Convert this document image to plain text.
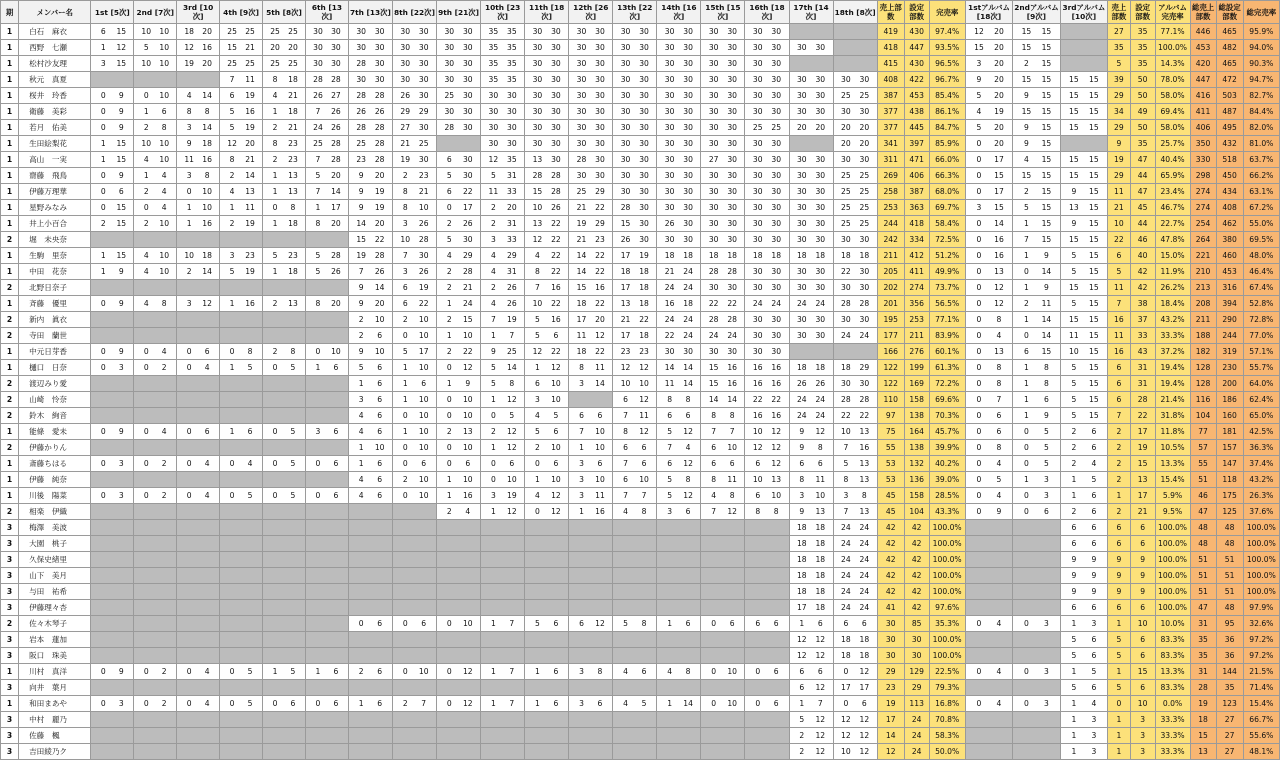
期	メンバー名	1st [5次]	2nd [7次]	3rd [10次]	4th [9次]	5th [8次]	6th [13次]	7th [13次]	8th [22次]	9th [21次]	10th [23次]	11th [18次]	12th [26次]	13th [22次]	14th [16次]	15th [15次]	16th [18次]	17th [14次]	18th [8次]	売上部数	設定部数	完売率	1stアルバム [18次]	2ndアルバム [9次]	3rdアルバム [10次]	売上部数	設定部数	アルバム完売率	総売上部数	総設定部数	総完売率
1	白石　麻衣	6 15	10 10	18 20	25 25	25 25	30 30	30 30	30 30	30 30	35 35	30 30	30 30	30 30	30 30	30 30	30 30			419	430	97.4%	12 20	15 15		27	35	77.1%	446	465	95.9%
1	西野　七瀬	1 12	5 10	12 16	15 21	20 20	30 30	30 30	30 30	30 30	35 35	30 30	30 30	30 30	30 30	30 30	30 30	30 30		418	447	93.5%	15 20	15 15		35	35	100.0%	453	482	94.0%
1	松村沙友理	3 15	10 10	19 20	25 25	25 25	30 30	28 30	30 30	30 30	35 35	30 30	30 30	30 30	30 30	30 30	30 30			415	430	96.5%	3 20	2 15		5	35	14.3%	420	465	90.3%
1	秋元　真夏				7 11	8 18	28 28	30 30	30 30	30 30	35 35	30 30	30 30	30 30	30 30	30 30	30 30	30 30	30 30	408	422	96.7%	9 20	15 15	15 15	39	50	78.0%	447	472	94.7%
1	桜井　玲香	0 9	0 10	4 14	6 19	4 21	26 27	28 28	26 30	25 30	30 30	30 30	30 30	30 30	30 30	30 30	30 30	30 30	25 25	387	453	85.4%	5 20	9 15	15 15	29	50	58.0%	416	503	82.7%
1	衛藤　美彩	0 9	1 6	8 8	5 16	1 18	7 26	26 26	29 29	30 30	30 30	30 30	30 30	30 30	30 30	30 30	30 30	30 30	30 30	377	438	86.1%	4 19	15 15	15 15	34	49	69.4%	411	487	84.4%
1	若月　佑美	0 9	2 8	3 14	5 19	2 21	24 26	28 28	27 30	28 30	30 30	30 30	30 30	30 30	30 30	30 30	25 25	20 20	20 20	377	445	84.7%	5 20	9 15	15 15	29	50	58.0%	406	495	82.0%
1	生田絵梨花	1 15	10 10	9 18	12 20	8 23	25 28	25 28	21 25		30 30	30 30	30 30	30 30	30 30	30 30	30 30		20 20	341	397	85.9%	0 20	9 15		9	35	25.7%	350	432	81.0%
1	高山　一実	1 15	4 10	11 16	8 21	2 23	7 28	23 28	19 30	6 30	12 35	13 30	28 30	30 30	30 30	27 30	30 30	30 30	30 30	311	471	66.0%	0 17	4 15	15 15	19	47	40.4%	330	518	63.7%
1	齋藤　飛鳥	0 9	1 4	3 8	2 14	1 13	5 20	9 20	2 23	5 30	5 31	28 28	30 30	30 30	30 30	30 30	30 30	30 30	25 25	269	406	66.3%	0 15	15 15	15 15	29	44	65.9%	298	450	66.2%
1	伊藤万理華	0 6	2 4	0 10	4 13	1 13	7 14	9 19	8 21	6 22	11 33	15 28	25 29	30 30	30 30	30 30	30 30	30 30	25 25	258	387	68.0%	0 17	2 15	9 15	11	47	23.4%	274	434	63.1%
1	星野みなみ	0 15	0 4	1 10	1 11	0 8	1 17	9 19	8 10	0 17	2 20	10 26	21 22	28 30	30 30	30 30	30 30	30 30	25 25	253	363	69.7%	3 15	5 15	13 15	21	45	46.7%	274	408	67.2%
1	井上小百合	2 15	2 10	1 16	2 19	1 18	8 20	14 20	3 26	2 26	2 31	13 22	19 29	15 30	26 30	30 30	30 30	30 30	25 25	244	418	58.4%	0 14	1 15	9 15	10	44	22.7%	254	462	55.0%
2	堀　未央奈							15 22	10 28	5 30	3 33	12 22	21 23	26 30	30 30	30 30	30 30	30 30	30 30	242	334	72.5%	0 16	7 15	15 15	22	46	47.8%	264	380	69.5%
1	生駒　里奈	1 15	4 10	10 18	3 23	5 23	5 28	19 28	7 30	4 29	4 29	4 22	14 22	17 19	18 18	18 18	18 18	18 18	18 18	211	412	51.2%	0 16	1 9	5 15	6	40	15.0%	221	460	48.0%
1	中田　花奈	1 9	4 10	2 14	5 19	1 18	5 26	7 26	3 26	2 28	4 31	8 22	14 22	18 18	21 24	28 28	30 30	30 30	22 30	205	411	49.9%	0 13	0 14	5 15	5	42	11.9%	210	453	46.4%
2	北野日奈子							9 14	6 19	2 21	2 26	7 16	15 16	17 18	24 24	30 30	30 30	30 30	30 30	202	274	73.7%	0 12	1 9	15 15	11	42	26.2%	213	316	67.4%
1	斉藤　優里	0 9	4 8	3 12	1 16	2 13	8 20	9 20	6 22	1 24	4 26	10 22	18 22	13 18	16 18	22 22	24 24	24 24	28 28	201	356	56.5%	0 12	2 11	5 15	7	38	18.4%	208	394	52.8%
2	新内　眞衣							2 10	2 10	2 15	7 19	5 16	17 20	21 22	24 24	28 28	30 30	30 30	30 30	195	253	77.1%	0 8	1 14	15 15	16	37	43.2%	211	290	72.8%
2	寺田　蘭世							2 6	0 10	1 10	1 7	5 6	11 12	17 18	22 24	24 24	30 30	30 30	24 24	177	211	83.9%	0 4	0 14	11 15	11	33	33.3%	188	244	77.0%
1	中元日芽香	0 9	0 4	0 6	0 8	2 8	0 10	9 10	5 17	2 22	9 25	12 22	18 22	23 23	30 30	30 30	30 30			166	276	60.1%	0 13	6 15	10 15	16	43	37.2%	182	319	57.1%
1	樋口　日奈	0 3	0 2	0 4	1 5	0 5	1 6	5 6	1 10	0 12	5 14	1 12	8 11	12 12	14 14	15 16	16 16	18 18	18 29	122	199	61.3%	0 8	1 8	5 15	6	31	19.4%	128	230	55.7%
2	渡辺みり愛							1 6	1 6	1 9	5 8	6 10	3 14	10 10	11 14	15 16	16 16	26 26	30 30	122	169	72.2%	0 8	1 8	5 15	6	31	19.4%	128	200	64.0%
2	山崎　怜奈							3 6	1 10	0 10	1 12	3 10		6 12	8 8	14 14	22 22	24 24	28 28	110	158	69.6%	0 7	1 6	5 15	6	28	21.4%	116	186	62.4%
2	鈴木　絢音							4 6	0 10	0 10	0 5	4 5	6 6	7 11	6 6	8 8	16 16	24 24	22 22	97	138	70.3%	0 6	1 9	5 15	7	22	31.8%	104	160	65.0%
1	能條　愛未	0 9	0 4	0 6	1 6	0 5	3 6	4 6	1 10	2 13	2 12	5 6	7 10	8 12	5 12	7 7	10 12	9 12	10 13	75	164	45.7%	0 6	0 5	2 6	2	17	11.8%	77	181	42.5%
2	伊藤かりん							1 10	0 10	0 10	1 12	2 10	1 10	6 6	7 4	6 10	12 12	9 8	7 16	55	138	39.9%	0 8	0 5	2 6	2	19	10.5%	57	157	36.3%
1	斎藤ちはる	0 3	0 2	0 4	0 4	0 5	0 6	1 6	0 6	0 6	0 6	0 6	3 6	7 6	6 12	6 6	6 12	6 6	5 13	53	132	40.2%	0 4	0 5	2 4	2	15	13.3%	55	147	37.4%
1	伊藤　純奈							4 6	2 10	1 10	0 10	1 10	3 10	6 10	5 8	8 11	10 13	8 11	8 13	53	136	39.0%	0 5	1 3	1 5	2	13	15.4%	51	118	43.2%
1	川後　陽菜	0 3	0 2	0 4	0 5	0 5	0 6	4 6	0 10	1 16	3 19	4 12	3 11	7 7	5 12	4 8	6 10	3 10	3 8	45	158	28.5%	0 4	0 3	1 6	1	17	5.9%	46	175	26.3%
2	相楽　伊織									2 4	1 12	0 12	1 16	4 8	3 6	7 12	8 8	9 13	7 13	45	104	43.3%	0 9	0 6	2 6	2	21	9.5%	47	125	37.6%
3	梅澤　美波																	18 18	24 24	42	42	100.0%			6 6	6	6	100.0%	48	48	100.0%
3	大園　桃子																	18 18	24 24	42	42	100.0%			6 6	6	6	100.0%	48	48	100.0%
3	久保史緒里																	18 18	24 24	42	42	100.0%			9 9	9	9	100.0%	51	51	100.0%
3	山下　美月																	18 18	24 24	42	42	100.0%			9 9	9	9	100.0%	51	51	100.0%
3	与田　祐希																	18 18	24 24	42	42	100.0%			9 9	9	9	100.0%	51	51	100.0%
3	伊藤理々杏																	17 18	24 24	41	42	97.6%			6 6	6	6	100.0%	47	48	97.9%
2	佐々木琴子							0 6	0 6	0 10	1 7	5 6	6 12	5 8	1 6	0 6	6 6	1 6	6 6	30	85	35.3%	0 4	0 3	1 3	1	10	10.0%	31	95	32.6%
3	岩本　蓮加																	12 12	18 18	30	30	100.0%			5 6	5	6	83.3%	35	36	97.2%
3	阪口　珠美																	12 12	18 18	30	30	100.0%			5 6	5	6	83.3%	35	36	97.2%
1	川村　真洋	0 9	0 2	0 4	0 5	1 5	1 6	2 6	0 10	0 12	1 7	1 6	3 8	4 6	4 8	0 10	0 6	6 6	0 12	29	129	22.5%	0 4	0 3	1 5	1	15	13.3%	31	144	21.5%
3	向井　葉月																	6 12	17 17	23	29	79.3%			5 6	5	6	83.3%	28	35	71.4%
1	和田まあや	0 3	0 2	0 4	0 5	0 6	0 6	1 6	2 7	0 12	1 7	1 6	3 6	4 5	1 14	0 10	0 6	1 7	0 6	19	113	16.8%	0 4	0 3	1 4	0	10	0.0%	19	123	15.4%
3	中村　麗乃																	5 12	12 12	17	24	70.8%			1 3	1	3	33.3%	18	27	66.7%
3	佐藤　楓																	2 12	12 12	14	24	58.3%			1 3	1	3	33.3%	15	27	55.6%
3	吉田綾乃ク																	2 12	10 12	12	24	50.0%			1 3	1	3	33.3%	13	27	48.1%
